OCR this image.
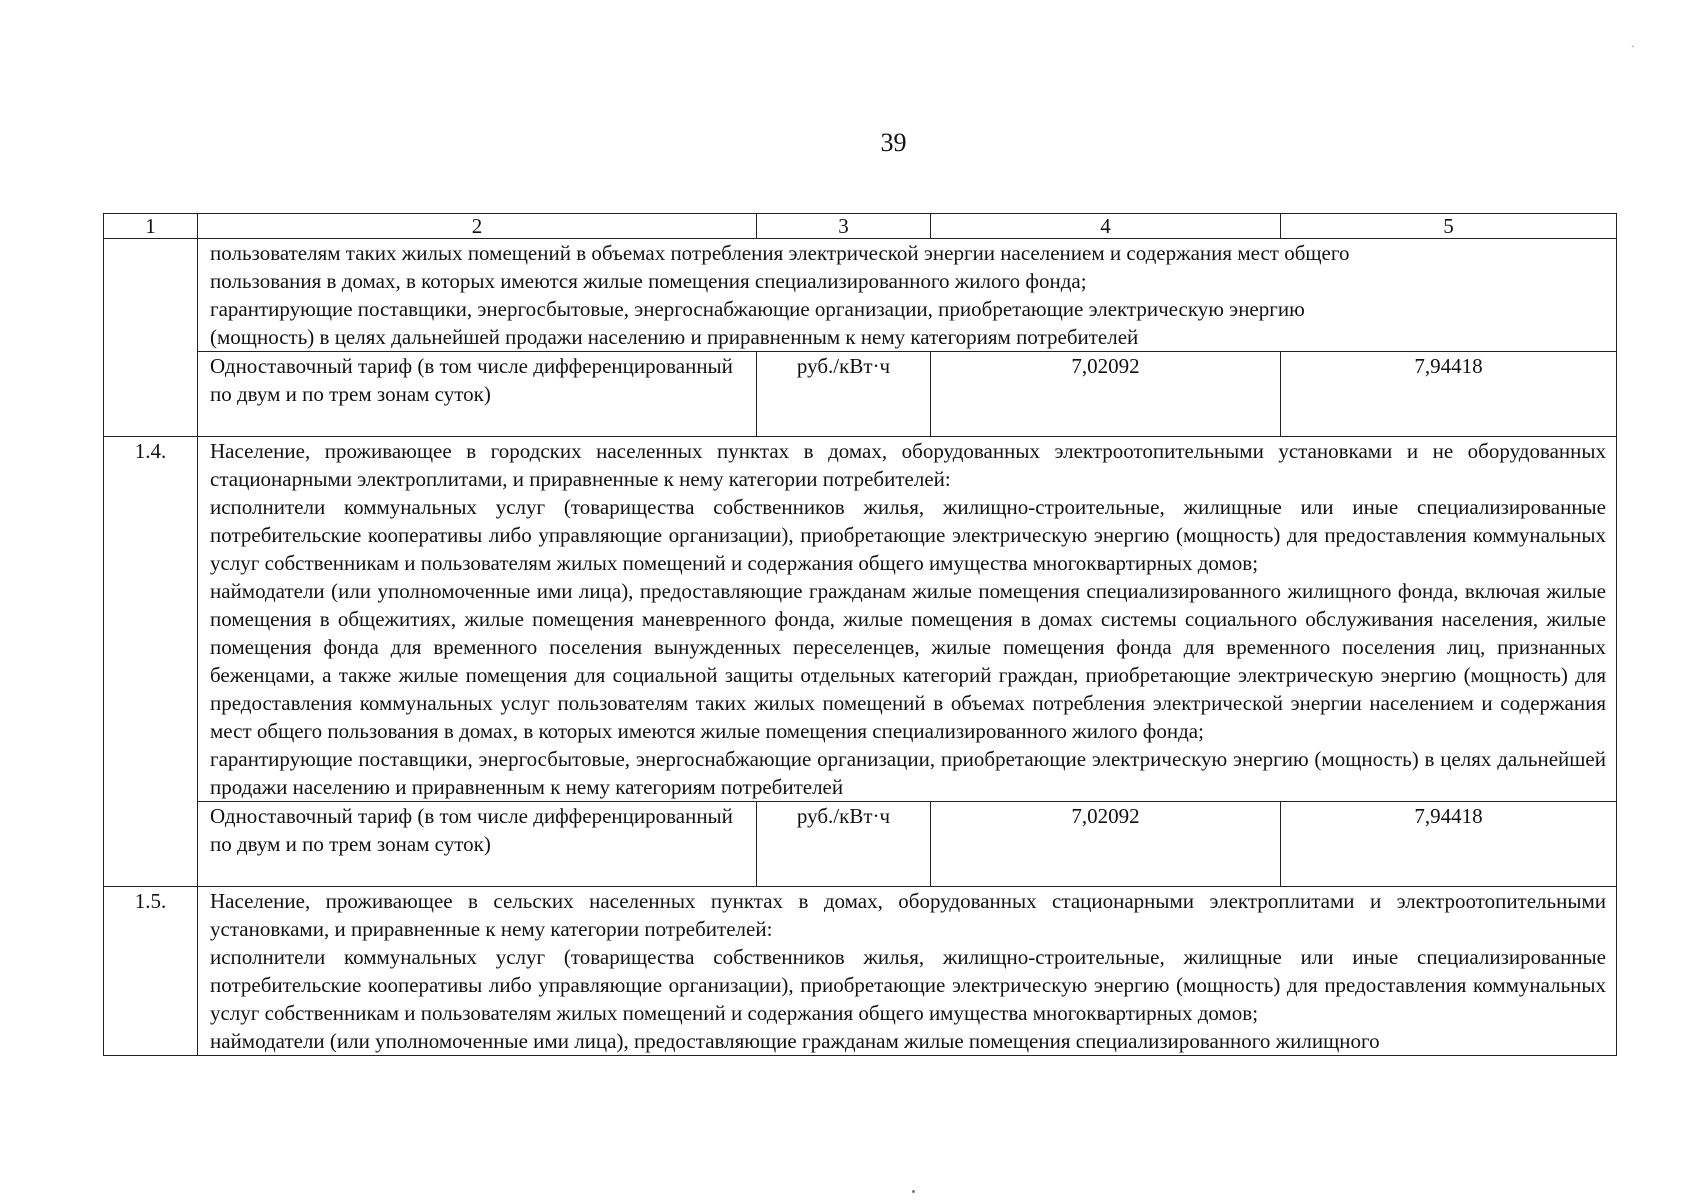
39
ˏ
1	2	3	4	5

	пользователям таких жилых помещений в объемах потребления электрической энергии населением и содержания мест общего

пользования в домах, в которых имеются жилые помещения специализированного жилого фонда;

гарантирующие поставщики, энергосбытовые, энергоснабжающие организации, приобретающие электрическую энергию

(мощность) в целях дальнейшей продажи населению и приравненным к нему категориям потребителей			

	Одноставочный тариф (в том числе дифференцированный по двум и по трем зонам суток)	руб./кВт·ч	7,02092	7,94418
1.4.	Население, проживающее в городских населенных пунктах в домах, оборудованных электроотопительными установками и не оборудованных стационарными электроплитами, и приравненные к нему категории потребителей:

исполнители коммунальных услуг (товарищества собственников жилья, жилищно-строительные, жилищные или иные специализированные потребительские кооперативы либо управляющие организации), приобретающие электрическую энергию (мощность) для предоставления коммунальных услуг собственникам и пользователям жилых помещений и содержания общего имущества многоквартирных домов;

наймодатели (или уполномоченные ими лица), предоставляющие гражданам жилые помещения специализированного жилищного фонда, включая жилые помещения в общежитиях, жилые помещения маневренного фонда, жилые помещения в домах системы социального обслуживания населения, жилые помещения фонда для временного поселения вынужденных переселенцев, жилые помещения фонда для временного поселения лиц, признанных беженцами, а также жилые помещения для социальной защиты отдельных категорий граждан, приобретающие электрическую энергию (мощность) для предоставления коммунальных услуг пользователям таких жилых помещений в объемах потребления электрической энергии населением и содержания мест общего пользования в домах, в которых имеются жилые помещения специализированного жилого фонда;

гарантирующие поставщики, энергосбытовые, энергоснабжающие организации, приобретающие электрическую энергию (мощность) в целях дальнейшей продажи населению и приравненным к нему категориям потребителей			

	Одноставочный тариф (в том числе дифференцированный по двум и по трем зонам суток)	руб./кВт·ч	7,02092	7,94418
1.5.	Население, проживающее в сельских населенных пунктах в домах, оборудованных стационарными электроплитами и электроотопительными установками, и приравненные к нему категории потребителей:

исполнители коммунальных услуг (товарищества собственников жилья, жилищно-строительные, жилищные или иные специализированные потребительские кооперативы либо управляющие организации), приобретающие электрическую энергию (мощность) для предоставления коммунальных услуг собственникам и пользователям жилых помещений и содержания общего имущества многоквартирных домов;

наймодатели (или уполномоченные ими лица), предоставляющие гражданам жилые помещения специализированного жилищного			
